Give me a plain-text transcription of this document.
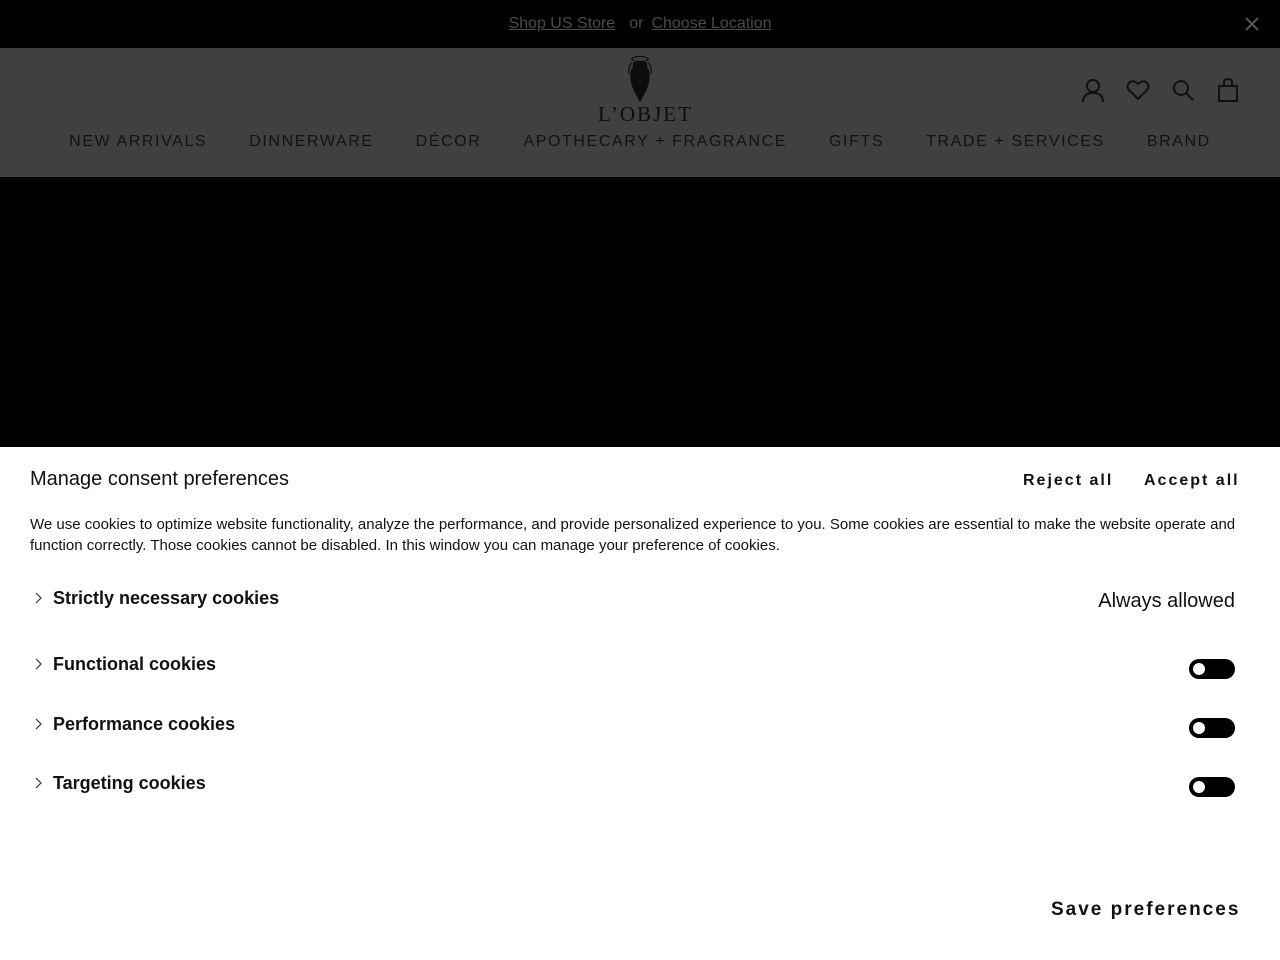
Shop US Store or Choose Location
L’OBJET
NEW ARRIVALS	DINNERWARE	DÉCOR	APOTHECARY + FRAGRANCE	GIFTS	TRADE + SERVICES	BRAND
Manage consent preferences	Reject all Accept all
We use cookies to optimize website functionality, analyze the performance, and provide personalized experience to you. Some cookies are essential to make the website operate and function correctly. Those cookies cannot be disabled. In this window you can manage your preference of cookies.
Strictly necessary cookies	Always allowed
Functional cookies
Performance cookies
Targeting cookies
Save preferences
